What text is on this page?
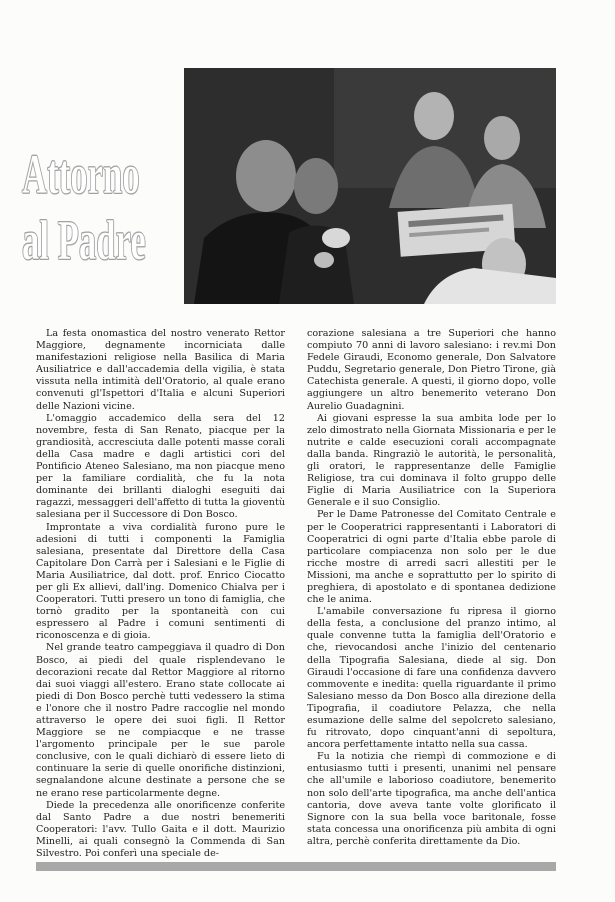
Attorno
al Padre

La festa onomastica del nostro venerato Rettor Maggiore, degnamente incorniciata dalle manifestazioni religiose nella Basilica di Maria Ausiliatrice e dall'accademia della vigilia, è stata vissuta nella intimità dell'Oratorio, al quale erano convenuti gl'Ispettori d'Italia e alcuni Superiori delle Nazioni vicine.

L'omaggio accademico della sera del 12 novembre, festa di San Renato, piacque per la grandiosità, accresciuta dalle potenti masse corali della Casa madre e dagli artistici cori del Pontificio Ateneo Salesiano, ma non piacque meno per la familiare cordialità, che fu la nota dominante dei brillanti dialoghi eseguiti dai ragazzi, messaggeri dell'affetto di tutta la gioventù salesiana per il Successore di Don Bosco.

Improntate a viva cordialità furono pure le adesioni di tutti i componenti la Famiglia salesiana, presentate dal Direttore della Casa Capitolare Don Carrà per i Salesiani e le Figlie di Maria Ausiliatrice, dal dott. prof. Enrico Ciocatto per gli Ex allievi, dall'ing. Domenico Chialva per i Cooperatori. Tutti presero un tono di famiglia, che tornò gradito per la spontaneità con cui espressero al Padre i comuni sentimenti di riconoscenza e di gioia.

Nel grande teatro campeggiava il quadro di Don Bosco, ai piedi del quale risplendevano le decorazioni recate dal Rettor Maggiore al ritorno dai suoi viaggi all'estero. Erano state collocate ai piedi di Don Bosco perchè tutti vedessero la stima e l'onore che il nostro Padre raccoglie nel mondo attraverso le opere dei suoi figli. Il Rettor Maggiore se ne compiacque e ne trasse l'argomento principale per le sue parole conclusive, con le quali dichiarò di essere lieto di continuare la serie di quelle onorifiche distinzioni, segnalandone alcune destinate a persone che se ne erano rese particolarmente degne.

Diede la precedenza alle onorificenze conferite dal Santo Padre a due nostri benemeriti Cooperatori: l'avv. Tullo Gaita e il dott. Maurizio Minelli, ai quali consegnò la Commenda di San Silvestro. Poi conferì una speciale de-

corazione salesiana a tre Superiori che hanno compiuto 70 anni di lavoro salesiano: i rev.mi Don Fedele Giraudi, Economo generale, Don Salvatore Puddu, Segretario generale, Don Pietro Tirone, già Catechista generale. A questi, il giorno dopo, volle aggiungere un altro benemerito veterano Don Aurelio Guadagnini.

Ai giovani espresse la sua ambita lode per lo zelo dimostrato nella Giornata Missionaria e per le nutrite e calde esecuzioni corali accompagnate dalla banda. Ringraziò le autorità, le personalità, gli oratori, le rappresentanze delle Famiglie Religiose, tra cui dominava il folto gruppo delle Figlie di Maria Ausiliatrice con la Superiora Generale e il suo Consiglio.

Per le Dame Patronesse del Comitato Centrale e per le Cooperatrici rappresentanti i Laboratori di Cooperatrici di ogni parte d'Italia ebbe parole di particolare compiacenza non solo per le due ricche mostre di arredi sacri allestiti per le Missioni, ma anche e soprattutto per lo spirito di preghiera, di apostolato e di spontanea dedizione che le anima.

L'amabile conversazione fu ripresa il giorno della festa, a conclusione del pranzo intimo, al quale convenne tutta la famiglia dell'Oratorio e che, rievocandosi anche l'inizio del centenario della Tipografia Salesiana, diede al sig. Don Giraudi l'occasione di fare una confidenza davvero commovente e inedita: quella riguardante il primo Salesiano messo da Don Bosco alla direzione della Tipografia, il coadiutore Pelazza, che nella esumazione delle salme del sepolcreto salesiano, fu ritrovato, dopo cinquant'anni di sepoltura, ancora perfettamente intatto nella sua cassa.

Fu la notizia che riempì di commozione e di entusiasmo tutti i presenti, unanimi nel pensare che all'umile e laborioso coadiutore, benemerito non solo dell'arte tipografica, ma anche dell'antica cantoria, dove aveva tante volte glorificato il Signore con la sua bella voce baritonale, fosse stata concessa una onorificenza più ambita di ogni altra, perchè conferita direttamente da Dio.
